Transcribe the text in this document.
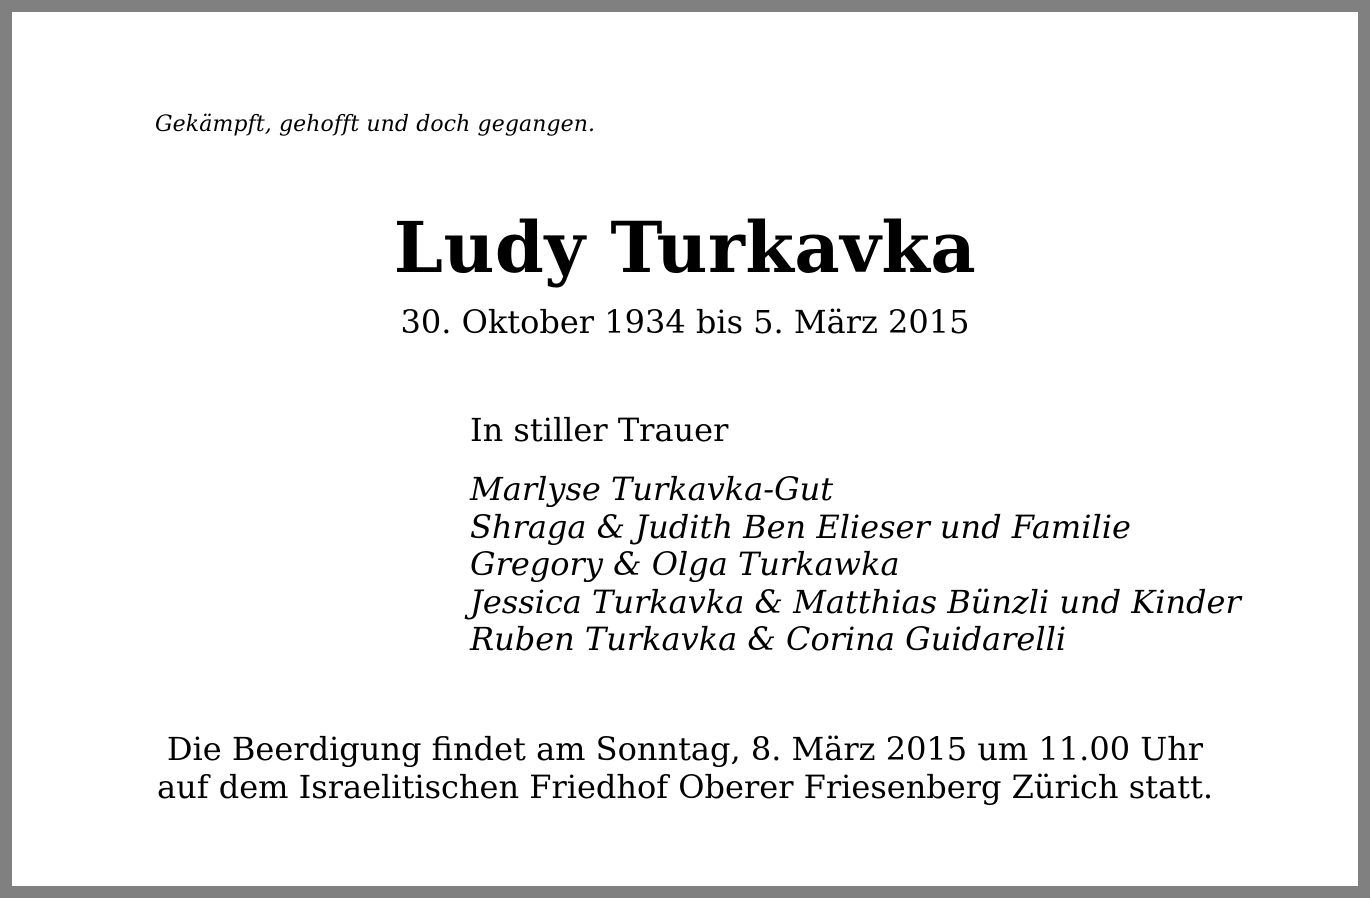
Gekämpft, gehofft und doch gegangen.
Ludy Turkavka
30. Oktober 1934 bis 5. März 2015
In stiller Trauer
Marlyse Turkavka-Gut
Shraga & Judith Ben Elieser und Familie
Gregory & Olga Turkawka
Jessica Turkavka & Matthias Bünzli und Kinder
Ruben Turkavka & Corina Guidarelli
Die Beerdigung findet am Sonntag, 8. März 2015 um 11.00 Uhr
auf dem Israelitischen Friedhof Oberer Friesenberg Zürich statt.
